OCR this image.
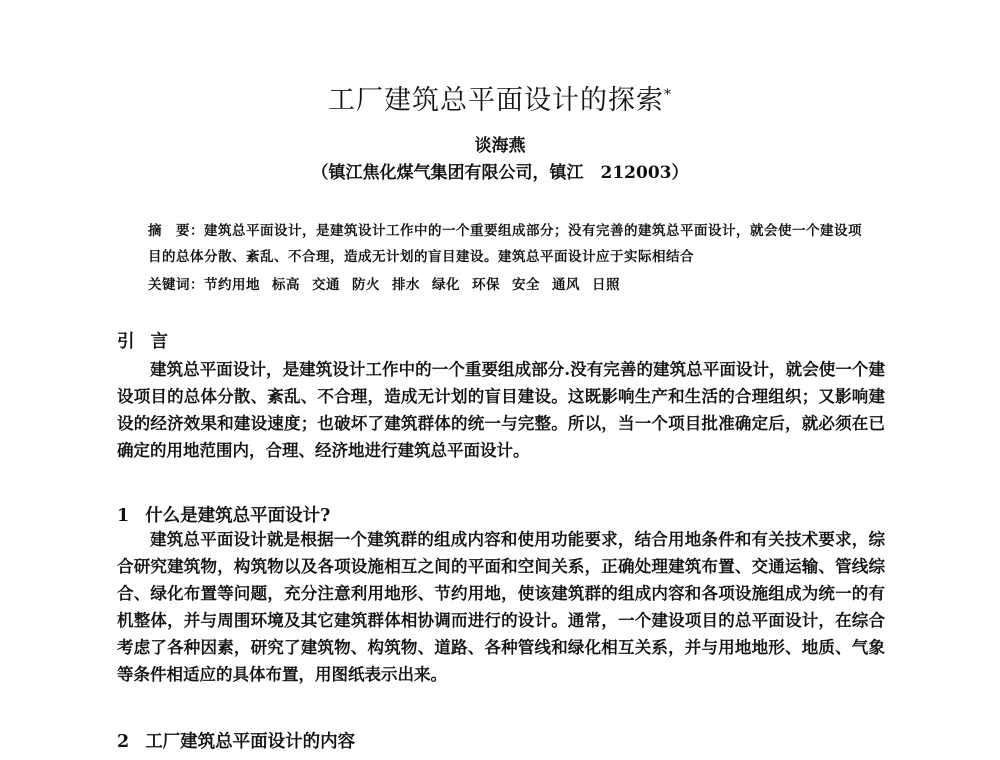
工厂建筑总平面设计的探索*
谈海燕
（镇江焦化煤气集团有限公司，镇江　212003）
摘　要：建筑总平面设计，是建筑设计工作中的一个重要组成部分；没有完善的建筑总平面设计，就会使一个建设项目的总体分散、紊乱、不合理，造成无计划的盲目建设。建筑总平面设计应于实际相结合
关键词：节约用地 标高 交通 防火 排水 绿化 环保 安全 通风 日照
引 言
建筑总平面设计，是建筑设计工作中的一个重要组成部分.没有完善的建筑总平面设计，就会使一个建设项目的总体分散、紊乱、不合理，造成无计划的盲目建设。这既影响生产和生活的合理组织；又影响建设的经济效果和建设速度；也破坏了建筑群体的统一与完整。所以，当一个项目批准确定后，就必须在已确定的用地范围内，合理、经济地进行建筑总平面设计。
1 什么是建筑总平面设计?
建筑总平面设计就是根据一个建筑群的组成内容和使用功能要求，结合用地条件和有关技术要求，综合研究建筑物，构筑物以及各项设施相互之间的平面和空间关系，正确处理建筑布置、交通运输、管线综合、绿化布置等问题，充分注意利用地形、节约用地，使该建筑群的组成内容和各项设施组成为统一的有机整体，并与周围环境及其它建筑群体相协调而进行的设计。通常，一个建设项目的总平面设计，在综合考虑了各种因素，研究了建筑物、构筑物、道路、各种管线和绿化相互关系，并与用地地形、地质、气象等条件相适应的具体布置，用图纸表示出来。
2 工厂建筑总平面设计的内容
